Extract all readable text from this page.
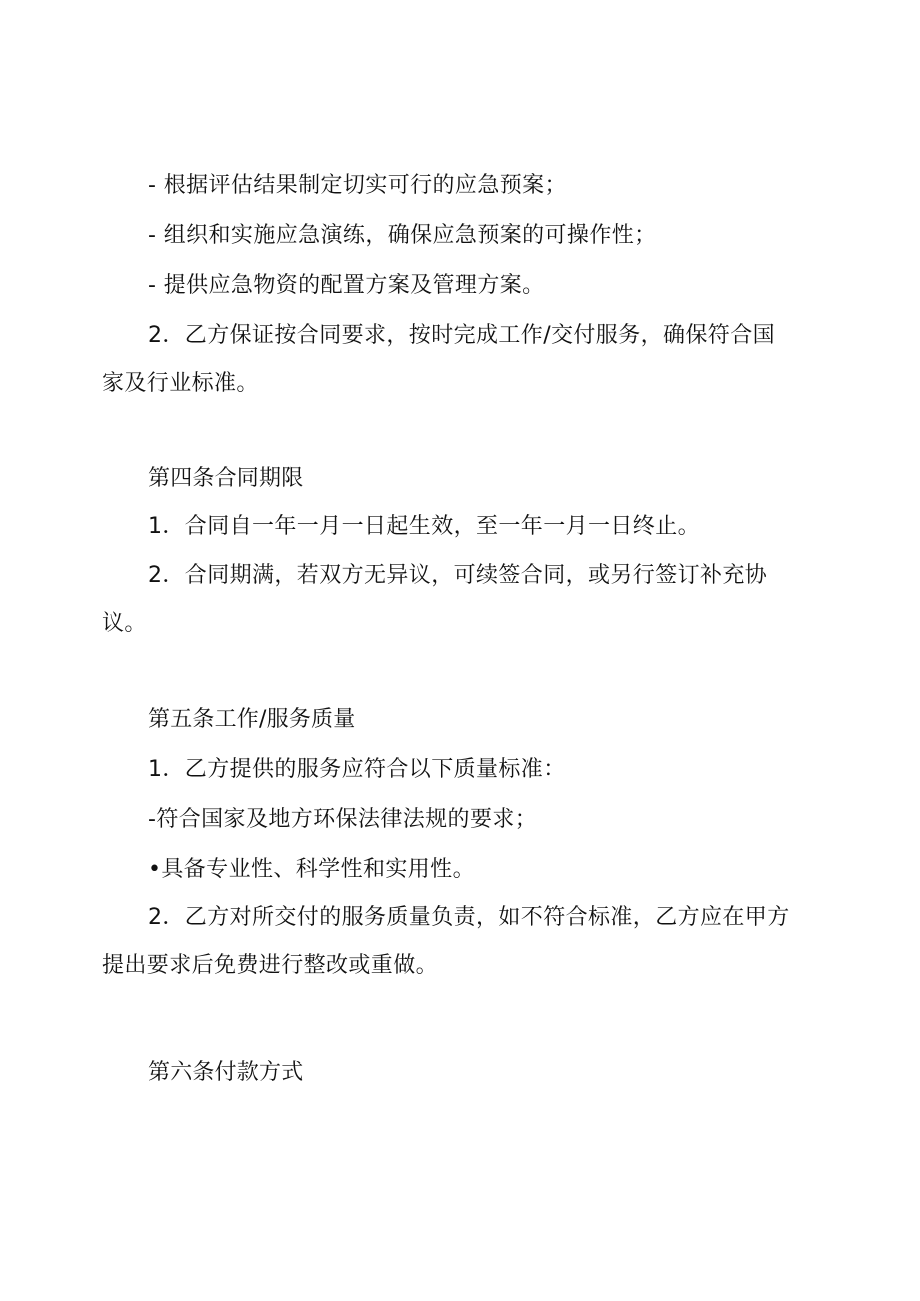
- 根据评估结果制定切实可行的应急预案；
- 组织和实施应急演练，确保应急预案的可操作性；
- 提供应急物资的配置方案及管理方案。
2．乙方保证按合同要求，按时完成工作/交付服务，确保符合国
家及行业标准。
第四条合同期限
1．合同自一年一月一日起生效，至一年一月一日终止。
2．合同期满，若双方无异议，可续签合同，或另行签订补充协
议。
第五条工作/服务质量
1．乙方提供的服务应符合以下质量标准：
-符合国家及地方环保法律法规的要求；
•具备专业性、科学性和实用性。
2．乙方对所交付的服务质量负责，如不符合标准，乙方应在甲方
提出要求后免费进行整改或重做。
第六条付款方式
